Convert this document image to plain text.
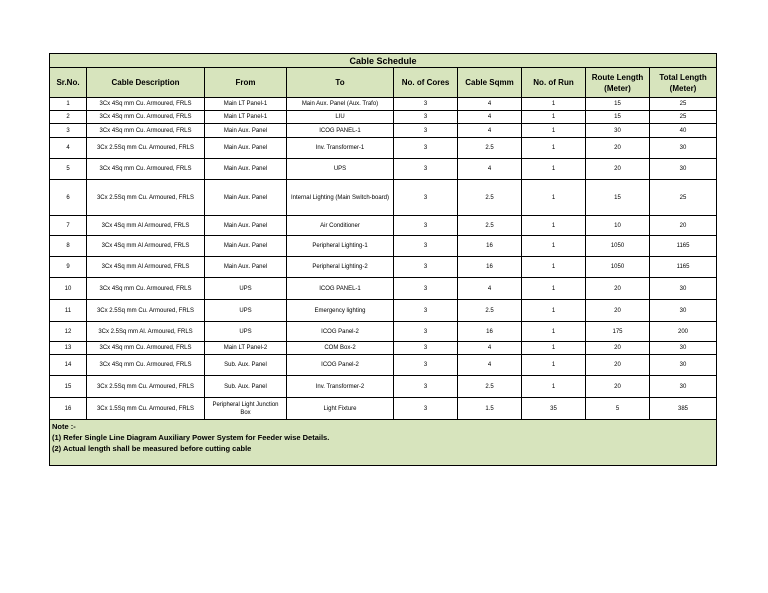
Cable Schedule								
Sr.No.	Cable Description	From	To	No. of Cores	Cable Sqmm	No. of Run	Route Length (Meter)	Total Length (Meter)
1	3Cx 4Sq mm Cu. Armoured, FRLS	Main LT Panel-1	Main Aux. Panel (Aux. Trafo)	3	4	1	15	25
2	3Cx 4Sq mm Cu. Armoured, FRLS	Main LT Panel-1	LIU	3	4	1	15	25
3	3Cx 4Sq mm Cu. Armoured, FRLS	Main Aux. Panel	ICOG PANEL-1	3	4	1	30	40
4	3Cx 2.5Sq mm Cu. Armoured, FRLS	Main Aux. Panel	Inv. Transformer-1	3	2.5	1	20	30
5	3Cx 4Sq mm Cu. Armoured, FRLS	Main Aux. Panel	UPS	3	4	1	20	30
6	3Cx 2.5Sq mm Cu. Armoured, FRLS	Main Aux. Panel	Internal Lighting (Main Switch-board)	3	2.5	1	15	25
7	3Cx 4Sq mm Al Armoured, FRLS	Main Aux. Panel	Air Conditioner	3	2.5	1	10	20
8	3Cx 4Sq mm Al Armoured, FRLS	Main Aux. Panel	Peripheral Lighting-1	3	16	1	1050	1165
9	3Cx 4Sq mm Al Armoured, FRLS	Main Aux. Panel	Peripheral Lighting-2	3	16	1	1050	1165
10	3Cx 4Sq mm Cu. Armoured, FRLS	UPS	ICOG PANEL-1	3	4	1	20	30
11	3Cx 2.5Sq mm Cu. Armoured, FRLS	UPS	Emergency lighting	3	2.5	1	20	30
12	3Cx 2.5Sq mm Al. Armoured, FRLS	UPS	ICOG Panel-2	3	16	1	175	200
13	3Cx 4Sq mm Cu. Armoured, FRLS	Main LT Panel-2	COM Box-2	3	4	1	20	30
14	3Cx 4Sq mm Cu. Armoured, FRLS	Sub. Aux. Panel	ICOG Panel-2	3	4	1	20	30
15	3Cx 2.5Sq mm Cu. Armoured, FRLS	Sub. Aux. Panel	Inv. Transformer-2	3	2.5	1	20	30
16	3Cx 1.5Sq mm Cu. Armoured, FRLS	Peripheral Light Junction Box	Light Fixture	3	1.5	35	5	385

Note :-
(1) Refer Single Line Diagram Auxiliary Power System for Feeder wise Details.
(2) Actual length shall be measured before cutting cable								
